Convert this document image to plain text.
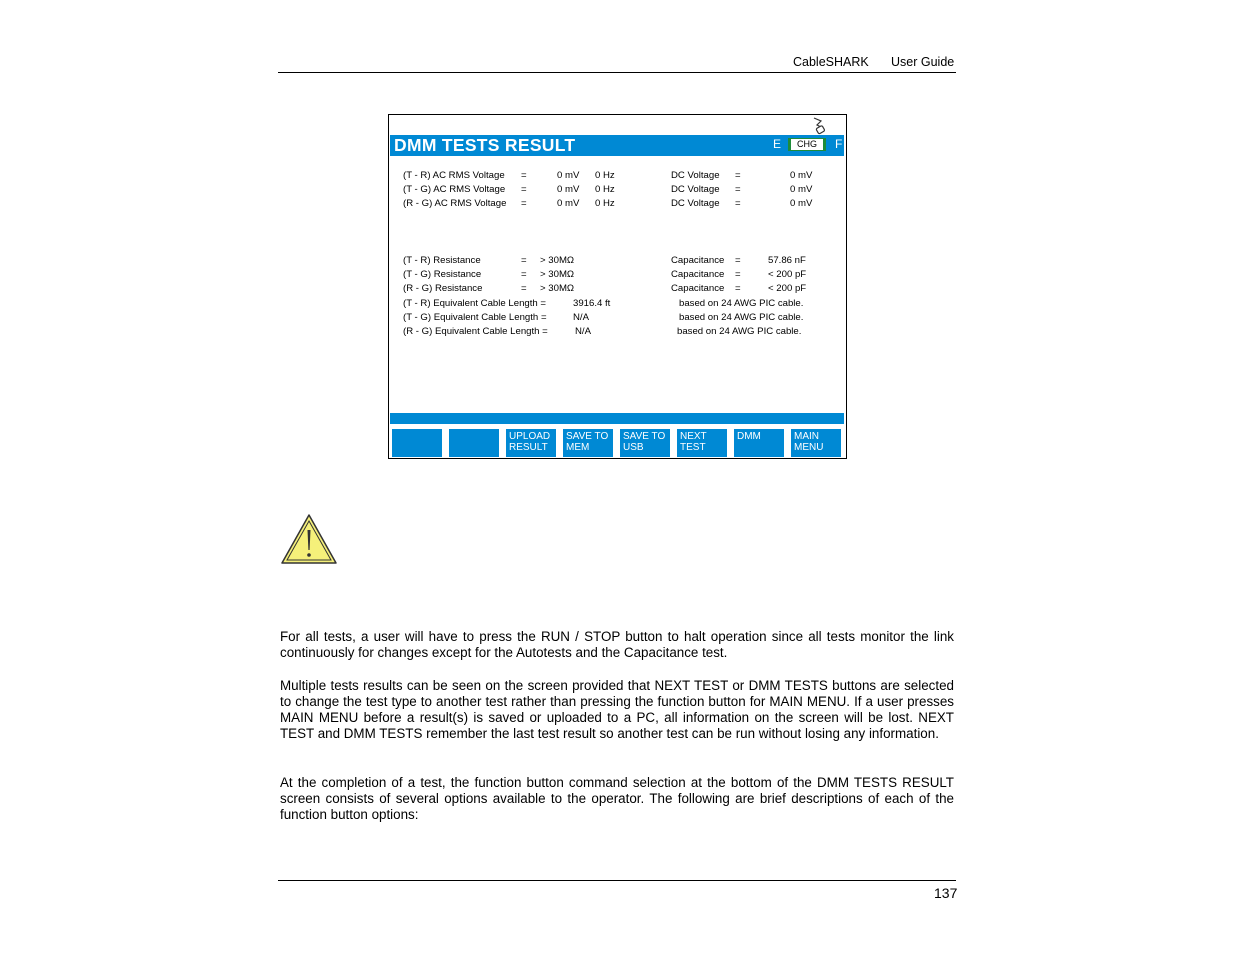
CableSHARK User Guide
DMM TESTS RESULT	E	CHG	F
(T - R) AC RMS Voltage =	0 mV 0 Hz	DC Voltage =	0 mV
(T - G) AC RMS Voltage =	0 mV 0 Hz	DC Voltage =	0 mV
(R - G) AC RMS Voltage =	0 mV 0 Hz	DC Voltage =	0 mV
(T - R) Resistance	= > 30MΩ	Capacitance =	57.86 nF
(T - G) Resistance	= > 30MΩ	Capacitance =	< 200 pF
(R - G) Resistance	= > 30MΩ	Capacitance =	< 200 pF
(T - R) Equivalent Cable Length =	3916.4 ft	based on 24 AWG PIC cable.
(T - G) Equivalent Cable Length =	N/A	based on 24 AWG PIC cable.
(R - G) Equivalent Cable Length =	N/A	based on 24 AWG PIC cable.
UPLOAD
RESULT
SAVE TO
MEM
SAVE TO
USB
NEXT
TEST
DMM	MAIN
MENU

For all tests, a user will have to press the RUN / STOP button to halt operation since all tests monitor the link continuously for changes except for the Autotests and the Capacitance test.

Multiple tests results can be seen on the screen provided that NEXT TEST or DMM TESTS buttons are selected to change the test type to another test rather than pressing the function button for MAIN MENU. If a user presses MAIN MENU before a result(s) is saved or uploaded to a PC, all information on the screen will be lost. NEXT TEST and DMM TESTS remember the last test result so another test can be run without losing any information.

At the completion of a test, the function button command selection at the bottom of the DMM TESTS RESULT screen consists of several options available to the operator. The following are brief descriptions of each of the function button options:

137
